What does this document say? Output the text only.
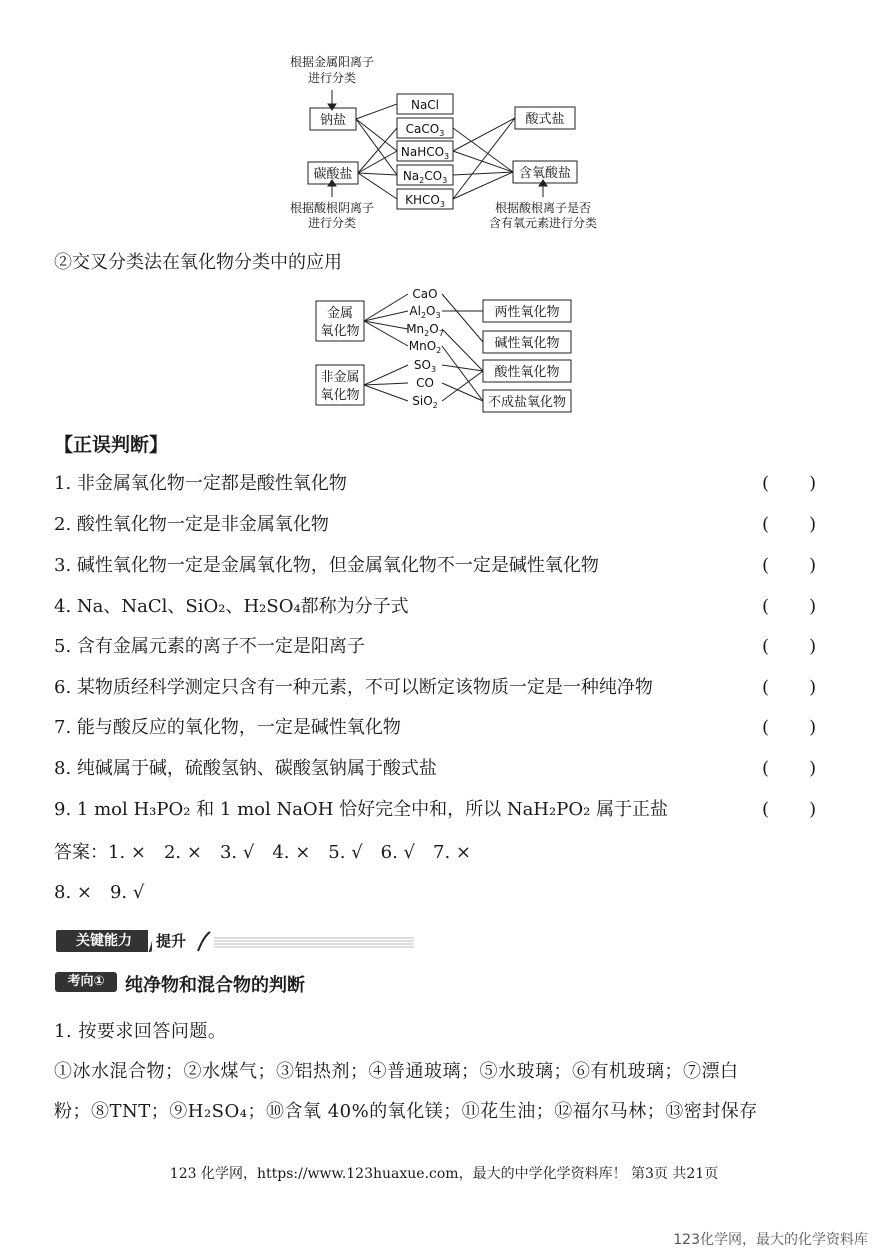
根据金属阳离子
进行分类
钠盐
碳酸盐
NaCl
CaCO$_3$
NaHCO$_3$
$Na_2CO_3$
$KHCO_3$
酸式盐
含氧酸盐
根据酸根阴离子
进行分类
根据酸根离子是否
含有氧元素进行分类
②交叉分类法在氧化物分类中的应用
金属
氧化物
非金属
氧化物
CaO
$Al_2O_3$
$Mn_2O_7$
MnO$_2$
$SO_3$
CO
SiO$_2$
两性氧化物
碱性氧化物
酸性氧化物
不成盐氧化物
【正误判断】
1. 非金属氧化物一定都是酸性氧化物	(       )
2. 酸性氧化物一定是非金属氧化物	(       )
3. 碱性氧化物一定是金属氧化物，但金属氧化物不一定是碱性氧化物	(       )
4. Na、NaCl、SiO₂、H₂SO₄都称为分子式	(       )
5. 含有金属元素的离子不一定是阳离子	(       )
6. 某物质经科学测定只含有一种元素，不可以断定该物质一定是一种纯净物	(       )
7. 能与酸反应的氧化物，一定是碱性氧化物	(       )
8. 纯碱属于碱，硫酸氢钠、碳酸氢钠属于酸式盐	(       )
9. 1 mol H₃PO₂ 和 1 mol NaOH 恰好完全中和，所以 NaH₂PO₂ 属于正盐	(       )
答案：1. ×　2. ×　3. √　4. ×　5. √　6. √　7. ×
8. ×　9. √
关键能力	提升
考向①	纯净物和混合物的判断
1. 按要求回答问题。
①冰水混合物；②水煤气；③铝热剂；④普通玻璃；⑤水玻璃；⑥有机玻璃；⑦漂白
粉；⑧TNT；⑨H₂SO₄；⑩含氧 40%的氧化镁；⑪花生油；⑫福尔马林；⑬密封保存
123 化学网，https://www.123huaxue.com，最大的中学化学资料库！ 第3页 共21页
123化学网，最大的化学资料库
